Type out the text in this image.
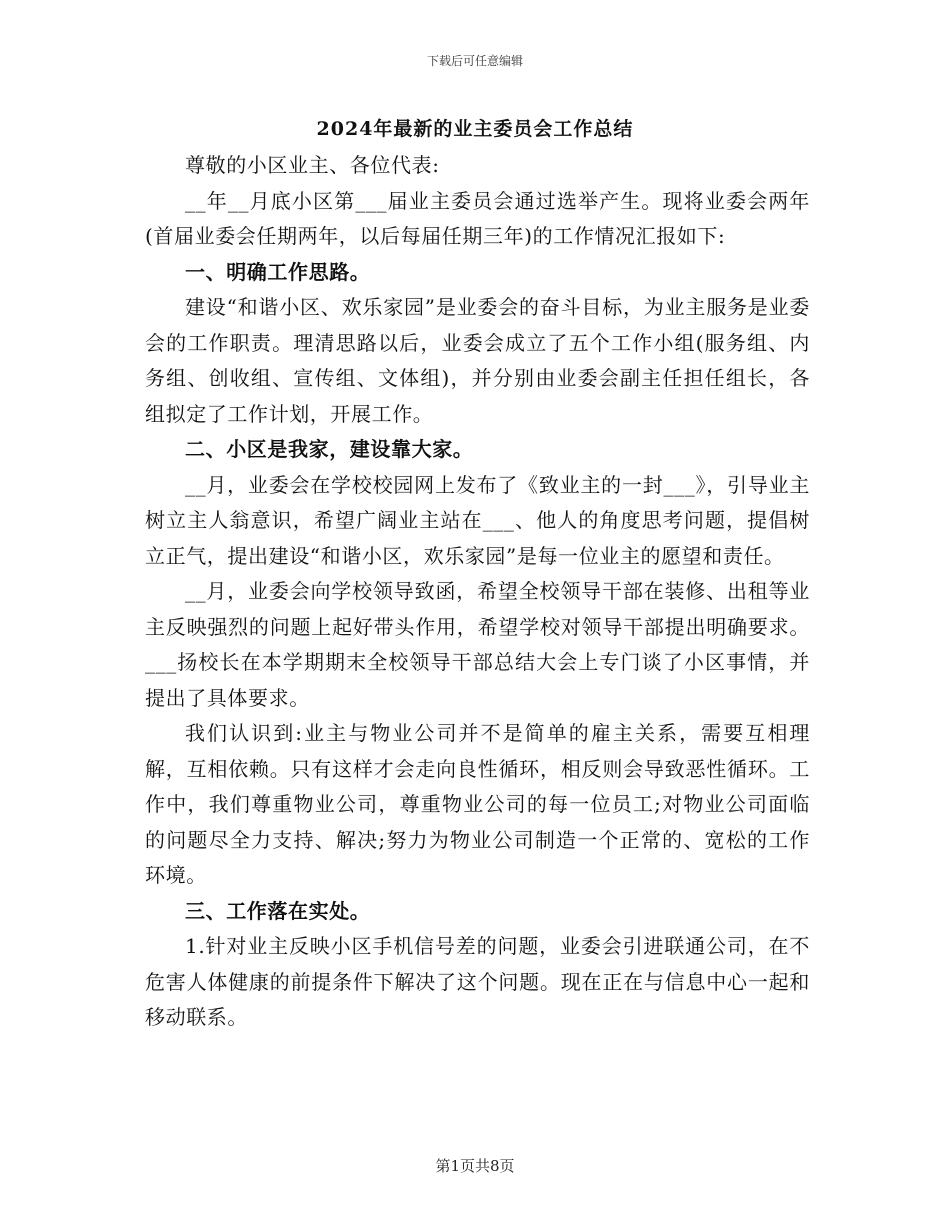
下载后可任意编辑
2024年最新的业主委员会工作总结

尊敬的小区业主、各位代表:

__年__月底小区第___届业主委员会通过选举产生。现将业委会两年(首届业委会任期两年，以后每届任期三年)的工作情况汇报如下:

一、明确工作思路。

建设“和谐小区、欢乐家园”是业委会的奋斗目标，为业主服务是业委会的工作职责。理清思路以后，业委会成立了五个工作小组(服务组、内务组、创收组、宣传组、文体组)，并分别由业委会副主任担任组长，各组拟定了工作计划，开展工作。

二、小区是我家，建设靠大家。

__月，业委会在学校校园网上发布了《致业主的一封___》，引导业主树立主人翁意识，希望广阔业主站在___、他人的角度思考问题，提倡树立正气，提出建设“和谐小区，欢乐家园”是每一位业主的愿望和责任。

__月，业委会向学校领导致函，希望全校领导干部在装修、出租等业主反映强烈的问题上起好带头作用，希望学校对领导干部提出明确要求。___扬校长在本学期期末全校领导干部总结大会上专门谈了小区事情，并提出了具体要求。

我们认识到:业主与物业公司并不是简单的雇主关系，需要互相理解，互相依赖。只有这样才会走向良性循环，相反则会导致恶性循环。工作中，我们尊重物业公司，尊重物业公司的每一位员工;对物业公司面临的问题尽全力支持、解决;努力为物业公司制造一个正常的、宽松的工作环境。

三、工作落在实处。

1.针对业主反映小区手机信号差的问题，业委会引进联通公司，在不危害人体健康的前提条件下解决了这个问题。现在正在与信息中心一起和移动联系。

第1页共8页
